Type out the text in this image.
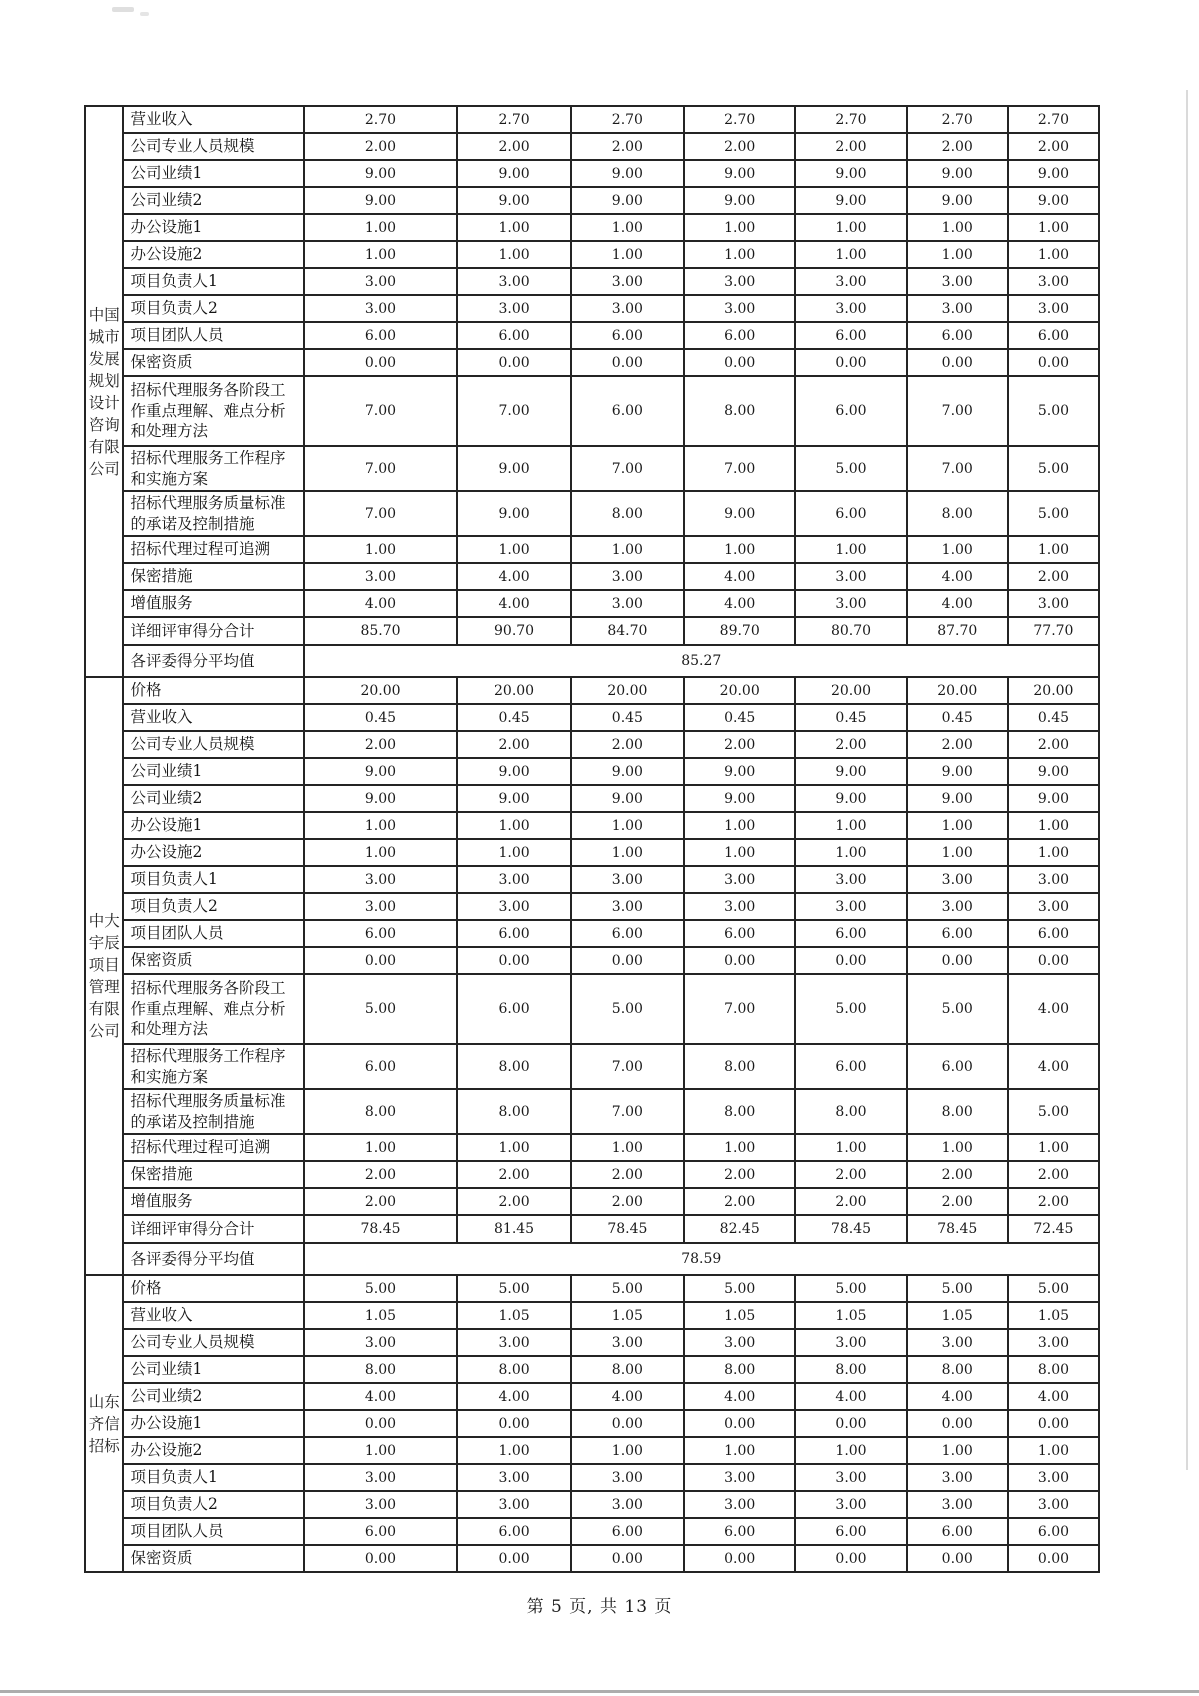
中国
城市
发展
规划
设计
咨询
有限
公司	营业收入	2.70	2.70	2.70	2.70	2.70	2.70	2.70
	公司专业人员规模	2.00	2.00	2.00	2.00	2.00	2.00	2.00
	公司业绩1	9.00	9.00	9.00	9.00	9.00	9.00	9.00
	公司业绩2	9.00	9.00	9.00	9.00	9.00	9.00	9.00
	办公设施1	1.00	1.00	1.00	1.00	1.00	1.00	1.00
	办公设施2	1.00	1.00	1.00	1.00	1.00	1.00	1.00
	项目负责人1	3.00	3.00	3.00	3.00	3.00	3.00	3.00
	项目负责人2	3.00	3.00	3.00	3.00	3.00	3.00	3.00
	项目团队人员	6.00	6.00	6.00	6.00	6.00	6.00	6.00
	保密资质	0.00	0.00	0.00	0.00	0.00	0.00	0.00
	招标代理服务各阶段工作重点理解、难点分析和处理方法	7.00	7.00	6.00	8.00	6.00	7.00	5.00
	招标代理服务工作程序和实施方案	7.00	9.00	7.00	7.00	5.00	7.00	5.00
	招标代理服务质量标准的承诺及控制措施	7.00	9.00	8.00	9.00	6.00	8.00	5.00
	招标代理过程可追溯	1.00	1.00	1.00	1.00	1.00	1.00	1.00
	保密措施	3.00	4.00	3.00	4.00	3.00	4.00	2.00
	增值服务	4.00	4.00	3.00	4.00	3.00	4.00	3.00
	详细评审得分合计	85.70	90.70	84.70	89.70	80.70	87.70	77.70
	各评委得分平均值	85.27						
中大
宇辰
项目
管理
有限
公司	价格	20.00	20.00	20.00	20.00	20.00	20.00	20.00
	营业收入	0.45	0.45	0.45	0.45	0.45	0.45	0.45
	公司专业人员规模	2.00	2.00	2.00	2.00	2.00	2.00	2.00
	公司业绩1	9.00	9.00	9.00	9.00	9.00	9.00	9.00
	公司业绩2	9.00	9.00	9.00	9.00	9.00	9.00	9.00
	办公设施1	1.00	1.00	1.00	1.00	1.00	1.00	1.00
	办公设施2	1.00	1.00	1.00	1.00	1.00	1.00	1.00
	项目负责人1	3.00	3.00	3.00	3.00	3.00	3.00	3.00
	项目负责人2	3.00	3.00	3.00	3.00	3.00	3.00	3.00
	项目团队人员	6.00	6.00	6.00	6.00	6.00	6.00	6.00
	保密资质	0.00	0.00	0.00	0.00	0.00	0.00	0.00
	招标代理服务各阶段工作重点理解、难点分析和处理方法	5.00	6.00	5.00	7.00	5.00	5.00	4.00
	招标代理服务工作程序和实施方案	6.00	8.00	7.00	8.00	6.00	6.00	4.00
	招标代理服务质量标准的承诺及控制措施	8.00	8.00	7.00	8.00	8.00	8.00	5.00
	招标代理过程可追溯	1.00	1.00	1.00	1.00	1.00	1.00	1.00
	保密措施	2.00	2.00	2.00	2.00	2.00	2.00	2.00
	增值服务	2.00	2.00	2.00	2.00	2.00	2.00	2.00
	详细评审得分合计	78.45	81.45	78.45	82.45	78.45	78.45	72.45
	各评委得分平均值	78.59						
山东
齐信
招标	价格	5.00	5.00	5.00	5.00	5.00	5.00	5.00
	营业收入	1.05	1.05	1.05	1.05	1.05	1.05	1.05
	公司专业人员规模	3.00	3.00	3.00	3.00	3.00	3.00	3.00
	公司业绩1	8.00	8.00	8.00	8.00	8.00	8.00	8.00
	公司业绩2	4.00	4.00	4.00	4.00	4.00	4.00	4.00
	办公设施1	0.00	0.00	0.00	0.00	0.00	0.00	0.00
	办公设施2	1.00	1.00	1.00	1.00	1.00	1.00	1.00
	项目负责人1	3.00	3.00	3.00	3.00	3.00	3.00	3.00
	项目负责人2	3.00	3.00	3.00	3.00	3.00	3.00	3.00
	项目团队人员	6.00	6.00	6.00	6.00	6.00	6.00	6.00
	保密资质	0.00	0.00	0.00	0.00	0.00	0.00	0.00
第 5 页, 共 13 页
